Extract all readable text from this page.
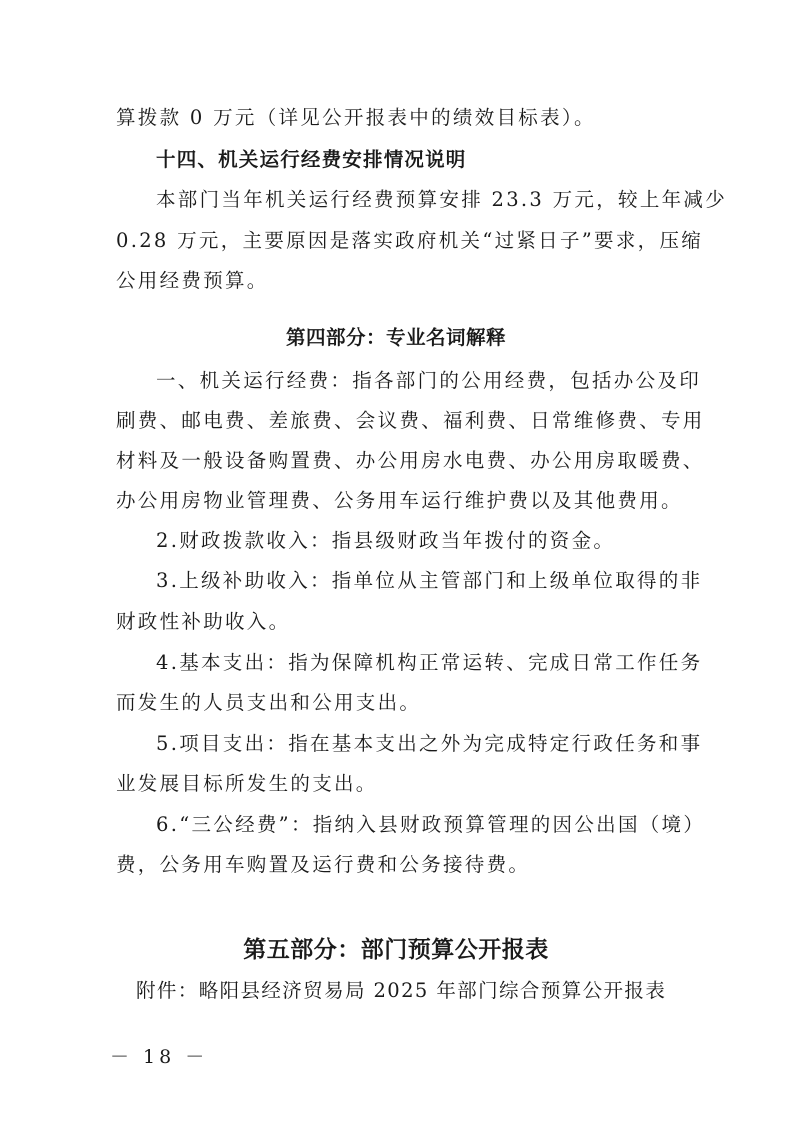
算拨款 0 万元（详见公开报表中的绩效目标表）。
十四、机关运行经费安排情况说明
本部门当年机关运行经费预算安排 23.3 万元，较上年减少
0.28 万元，主要原因是落实政府机关“过紧日子”要求，压缩
公用经费预算。
第四部分：专业名词解释
一、机关运行经费：指各部门的公用经费，包括办公及印
刷费、邮电费、差旅费、会议费、福利费、日常维修费、专用
材料及一般设备购置费、办公用房水电费、办公用房取暖费、
办公用房物业管理费、公务用车运行维护费以及其他费用。
2.财政拨款收入：指县级财政当年拨付的资金。
3.上级补助收入：指单位从主管部门和上级单位取得的非
财政性补助收入。
4.基本支出：指为保障机构正常运转、完成日常工作任务
而发生的人员支出和公用支出。
5.项目支出：指在基本支出之外为完成特定行政任务和事
业发展目标所发生的支出。
6.“三公经费”：指纳入县财政预算管理的因公出国（境）
费，公务用车购置及运行费和公务接待费。
第五部分：部门预算公开报表
附件：略阳县经济贸易局 2025 年部门综合预算公开报表
－ 18 －
